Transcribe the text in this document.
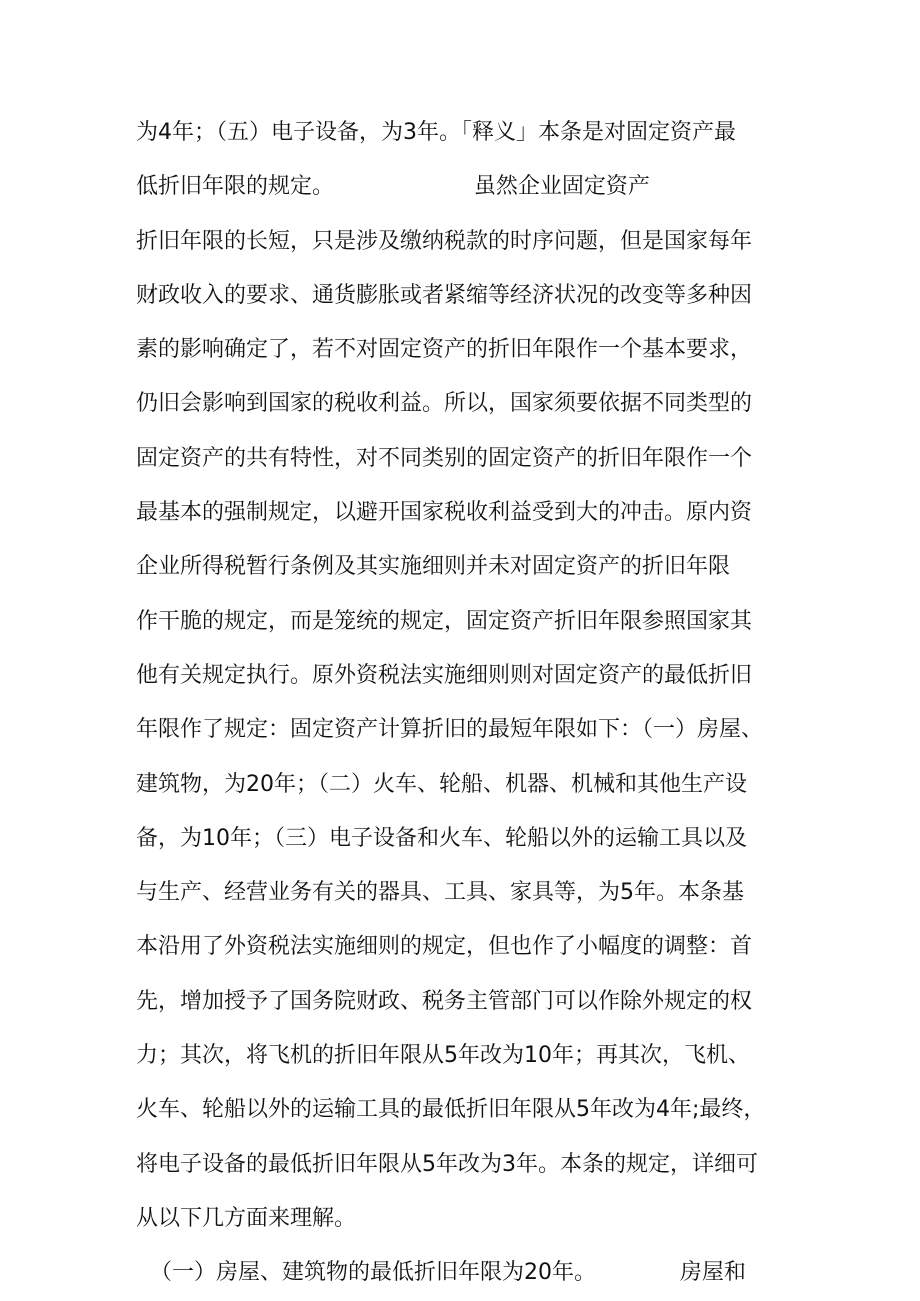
为4年；（五）电子设备，为3年。「释义」本条是对固定资产最
低折旧年限的规定。                    虽然企业固定资产
折旧年限的长短，只是涉及缴纳税款的时序问题，但是国家每年
财政收入的要求、通货膨胀或者紧缩等经济状况的改变等多种因
素的影响确定了，若不对固定资产的折旧年限作一个基本要求，
仍旧会影响到国家的税收利益。所以，国家须要依据不同类型的
固定资产的共有特性，对不同类别的固定资产的折旧年限作一个
最基本的强制规定，以避开国家税收利益受到大的冲击。原内资
企业所得税暂行条例及其实施细则并未对固定资产的折旧年限
作干脆的规定，而是笼统的规定，固定资产折旧年限参照国家其
他有关规定执行。原外资税法实施细则则对固定资产的最低折旧
年限作了规定：固定资产计算折旧的最短年限如下：（一）房屋、
建筑物，为20年；（二）火车、轮船、机器、机械和其他生产设
备，为10年；（三）电子设备和火车、轮船以外的运输工具以及
与生产、经营业务有关的器具、工具、家具等，为5年。本条基
本沿用了外资税法实施细则的规定，但也作了小幅度的调整：首
先，增加授予了国务院财政、税务主管部门可以作除外规定的权
力；其次，将飞机的折旧年限从5年改为10年；再其次，飞机、
火车、轮船以外的运输工具的最低折旧年限从5年改为4年;最终，
将电子设备的最低折旧年限从5年改为3年。本条的规定，详细可
从以下几方面来理解。
（一）房屋、建筑物的最低折旧年限为20年。            房屋和
